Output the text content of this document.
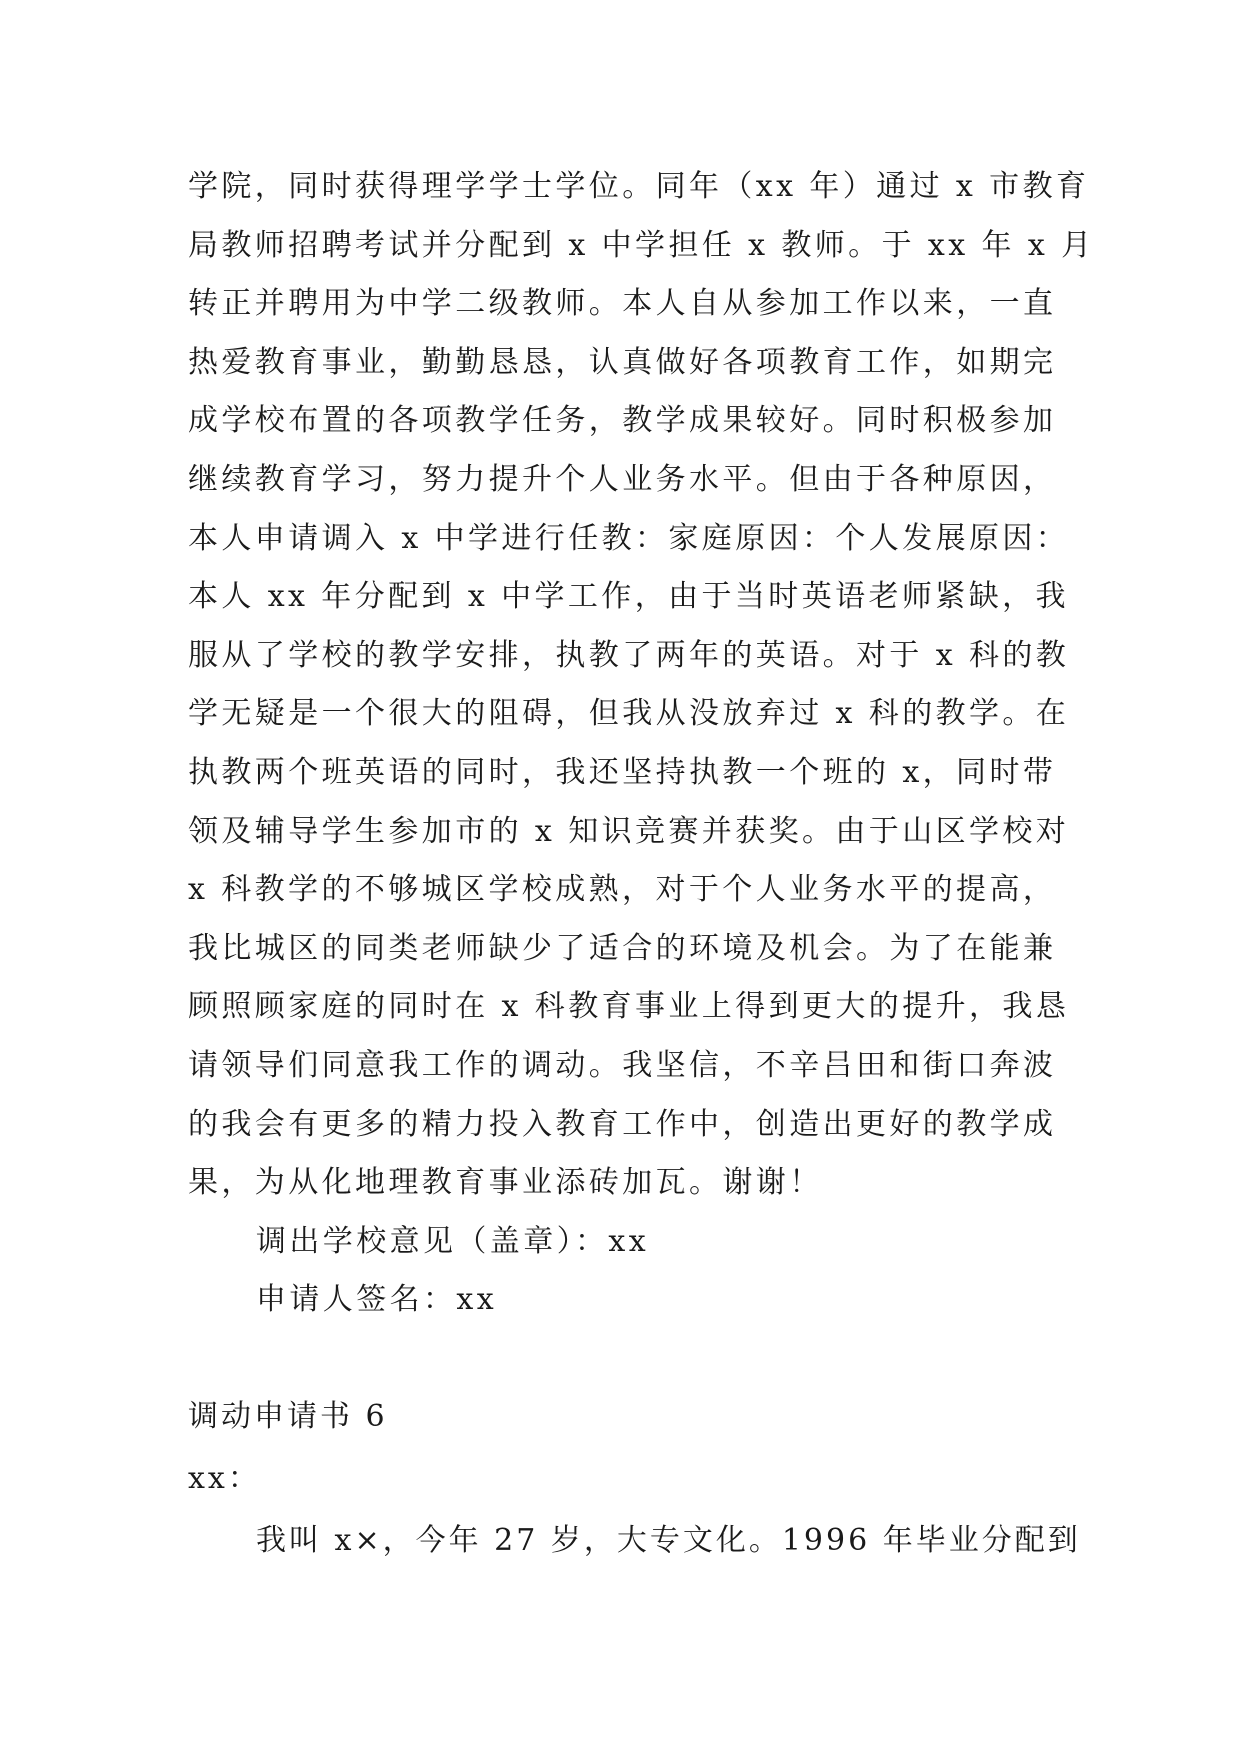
学院，同时获得理学学士学位。同年（xx 年）通过 x 市教育
局教师招聘考试并分配到 x 中学担任 x 教师。于 xx 年 x 月
转正并聘用为中学二级教师。本人自从参加工作以来，一直
热爱教育事业，勤勤恳恳，认真做好各项教育工作，如期完
成学校布置的各项教学任务，教学成果较好。同时积极参加
继续教育学习，努力提升个人业务水平。但由于各种原因，
本人申请调入 x 中学进行任教：家庭原因：个人发展原因：
本人 xx 年分配到 x 中学工作，由于当时英语老师紧缺，我
服从了学校的教学安排，执教了两年的英语。对于 x 科的教
学无疑是一个很大的阻碍，但我从没放弃过 x 科的教学。在
执教两个班英语的同时，我还坚持执教一个班的 x，同时带
领及辅导学生参加市的 x 知识竞赛并获奖。由于山区学校对
x 科教学的不够城区学校成熟，对于个人业务水平的提高，
我比城区的同类老师缺少了适合的环境及机会。为了在能兼
顾照顾家庭的同时在 x 科教育事业上得到更大的提升，我恳
请领导们同意我工作的调动。我坚信，不辛吕田和街口奔波
的我会有更多的精力投入教育工作中，创造出更好的教学成
果，为从化地理教育事业添砖加瓦。谢谢！
调出学校意见（盖章）：xx
申请人签名：xx
调动申请书 6
xx：
我叫 x×，今年 27 岁，大专文化。1996 年毕业分配到
